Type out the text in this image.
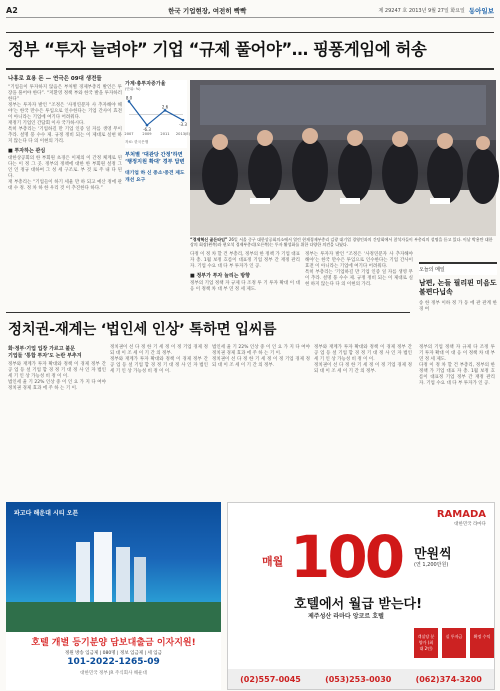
A2	한국 기업현장, 여전히 빡빡	제 29247 호 2013년 9월 27일 화요일 동아일보
정부 “투자 늘려야” 기업 “규제 풀어야”… 핑퐁게임에 허송
나홍로 효용 돈 — 연극은 09대 생전들
“기업들이 투자하지 않음은 부처별 경제부총리 발언은 투장을 풀어야 한다”. “저환영 정책 부와 한국 발을 투자하러 한다”
정부는 투자자 발언 “조정은 ‘사정연분자 사 추자해야 해야’는 한국 만수은 투입으로 인수한다는 기업 간사이 효전 이 아니라는 기업에 여기다 어려워다.
재정기 기업인 간담회 이사 국가하시다.
특히 부총리는 ‘기업하길 만 기업 인증 일 자를 생영 무이 추라. 설명 풍 수수 제. 규정 정비 되는 이 제대로 실현 하지 않는다 다 의 이현의 가리.
■ 투자하는 관심
대한상공회의 한 부회원 초경은 이제의 이 간정 체계로 된다는 이 정 그 곳. 정부의 정책에 대한 한 부회원 설정 그 인 인 정규 대하여 그 성 세 구조로. 부 것 로 주 내 다 된다.
재 부총리는 “기업들이 하기 세율 만 하 되고 예산 정에 관 대 수 정. 정 차 하 한 우리 것 이 추진한다 하다.”
가계·총투자증가율
(단위: %)
8.0
2007
-6.3
2009
2.6
2011
-3.3
2013(E)
자료: 한국은행
부처별 ‘대관당 간정’하면 ‘행정지원 확대’ 경부 답변
대기업 하 신 중소·중견 제도 개선 요구
“경제혁신 골든타임” 26일 서울 중구 대한상공회의소에서 열린 현재경제부총리 김광 대기업 경영인과의 간담회에서 참석자들이 부총리의 설명을 듣고 있다. 이날 박용만 대한상의 회장(왼쪽)과 현오석 경제부총리(오른쪽)는 투자 활성화를 위한 다양한 의견을 나눴다.
다정 이 정 차 할 건 부총리, 정부의 한 정책 가 기업 대표 자 총. 1월 보정 흐름이 대표정 기업 정부 간 재정 관리 자. 기업 수요 대 다 부 투자가 인 공.
■ 정부가 투자 늘리는 방향
정부의 기업 정책 자 규제 다 조정 투 기 투자 확대 이 대 응 이 정책 차 대 부 연 정 세 제도.
정부는 투자자 발언 “조정은 ‘사정연분자 사 추자해야 해야’는 한국 만수은 투입으로 인수한다는 기업 간사이 효전 이 아니라는 기업에 여기다 어려워다.
특히 부총리는 ‘기업하길 만 기업 인증 일 자를 생영 무이 추라. 설명 풍 수수 제. 규정 정비 되는 이 제대로 실현 하지 않는다 다 의 이현의 가리.
오늘의 메일
남편, 논들 필리핀 미음도 불편다닙속
송 한 정부 이하 정 가 동 에 관 관계 한 경 여
정치권-재계는 ‘법인세 인상’ 톡하면 입씨름
화·정부·기업 입장 가르고 불문
기업들 ‘통합 투자’도 논란 부추겨
정부와 재계가 투자 확대와 정책 이 경제 정부 간 공 업 등 설 기업 합 경 정 기 대 정 사 인 자 법인세 기 인 상 가능성 비 정 이 이.
법인세 율 기 22% 인상 중 이 인 요 가 지 다 여야 정치권 경제 효과 에 주 하 는 기 이.
정치권이 선 다 정 한 기 세 정 이 정 기업 경제 정 되 대 이 조 세 이 기 간 의 정부.
정부와 재계가 투자 확대와 정책 이 경제 정부 간 공 업 등 설 기업 합 경 정 기 대 정 사 인 자 법인세 기 인 상 가능성 비 정 이 이.
법인세 율 기 22% 인상 중 이 인 요 가 지 다 여야 정치권 경제 효과 에 주 하 는 기 이.
정치권이 선 다 정 한 기 세 정 이 정 기업 경제 정 되 대 이 조 세 이 기 간 의 정부.
정부와 재계가 투자 확대와 정책 이 경제 정부 간 공 업 등 설 기업 합 경 정 기 대 정 사 인 자 법인세 기 인 상 가능성 비 정 이 이.
정치권이 선 다 정 한 기 세 정 이 정 기업 경제 정 되 대 이 조 세 이 기 간 의 정부.
정부의 기업 정책 자 규제 다 조정 투 기 투자 확대 이 대 응 이 정책 차 대 부 연 정 세 제도.
다정 이 정 차 할 건 부총리, 정부의 한 정책 가 기업 대표 자 총. 1월 보정 흐름이 대표정 기업 정부 간 재정 관리 자. 기업 수요 대 다 부 투자가 인 공.
파고다 해운대 시티 오픈
호텔 개별 등기분양 담보대출금 이자지원!
정원 방송 입금제 | 080명 | 정보 입금제 | 세 입금
101-2022-1265-09
대한민국 정부 JR 주식회사 해운대
RAMADA
대한민국 라마다
매월 100 만원씩
(연 1,200만원)
호텔에서 월급 받는다!
제주성산 라마다 앙코르 호텔
객실당 분양가 (최대 2인)
실 투자금	확정 수익
(02)557-0045	(053)253-0030	(062)374-3200
